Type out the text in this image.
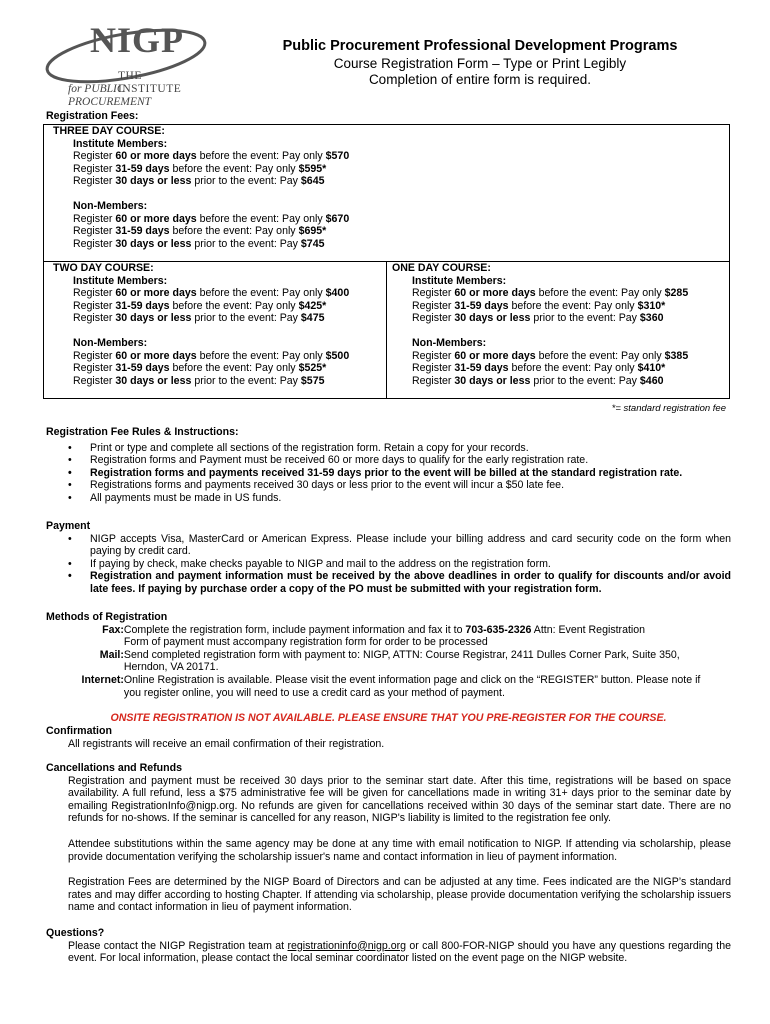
NIGP
THE INSTITUTE
for PUBLIC PROCUREMENT
Public Procurement Professional Development Programs
Course Registration Form – Type or Print Legibly
Completion of entire form is required.
Registration Fees:
THREE DAY COURSE:
Institute Members:
Register 60 or more days before the event: Pay only $570
Register 31-59 days before the event: Pay only $595*
Register 30 days or less prior to the event: Pay $645
Non-Members:
Register 60 or more days before the event: Pay only $670
Register 31-59 days before the event: Pay only $695*
Register 30 days or less prior to the event: Pay $745
TWO DAY COURSE:
Institute Members:
Register 60 or more days before the event: Pay only $400
Register 31-59 days before the event: Pay only $425*
Register 30 days or less prior to the event: Pay $475
Non-Members:
Register 60 or more days before the event: Pay only $500
Register 31-59 days before the event: Pay only $525*
Register 30 days or less prior to the event: Pay $575
ONE DAY COURSE:
Institute Members:
Register 60 or more days before the event: Pay only $285
Register 31-59 days before the event: Pay only $310*
Register 30 days or less prior to the event: Pay $360
Non-Members:
Register 60 or more days before the event: Pay only $385
Register 31-59 days before the event: Pay only $410*
Register 30 days or less prior to the event: Pay $460
*= standard registration fee
Registration Fee Rules & Instructions:
• Print or type and complete all sections of the registration form. Retain a copy for your records.
• Registration forms and Payment must be received 60 or more days to qualify for the early registration rate.
• Registration forms and payments received 31-59 days prior to the event will be billed at the standard registration rate.
• Registrations forms and payments received 30 days or less prior to the event will incur a $50 late fee.
• All payments must be made in US funds.
Payment
• NIGP accepts Visa, MasterCard or American Express. Please include your billing address and card security code on the form when paying by credit card.
• If paying by check, make checks payable to NIGP and mail to the address on the registration form.
• Registration and payment information must be received by the above deadlines in order to qualify for discounts and/or avoid late fees. If paying by purchase order a copy of the PO must be submitted with your registration form.
Methods of Registration
Fax: Complete the registration form, include payment information and fax it to 703-635-2326 Attn: Event Registration
Form of payment must accompany registration form for order to be processed
Mail: Send completed registration form with payment to: NIGP, ATTN: Course Registrar, 2411 Dulles Corner Park, Suite 350,
Herndon, VA 20171.
Internet: Online Registration is available. Please visit the event information page and click on the “REGISTER” button. Please note if
you register online, you will need to use a credit card as your method of payment.
ONSITE REGISTRATION IS NOT AVAILABLE. PLEASE ENSURE THAT YOU PRE-REGISTER FOR THE COURSE.
Confirmation
All registrants will receive an email confirmation of their registration.
Cancellations and Refunds
Registration and payment must be received 30 days prior to the seminar start date. After this time, registrations will be based on space availability. A full refund, less a $75 administrative fee will be given for cancellations made in writing 31+ days prior to the seminar date by emailing RegistrationInfo@nigp.org. No refunds are given for cancellations received within 30 days of the seminar start date. There are no refunds for no-shows. If the seminar is cancelled for any reason, NIGP's liability is limited to the registration fee only.
Attendee substitutions within the same agency may be done at any time with email notification to NIGP. If attending via scholarship, please provide documentation verifying the scholarship issuer's name and contact information in lieu of payment information.
Registration Fees are determined by the NIGP Board of Directors and can be adjusted at any time. Fees indicated are the NIGP’s standard rates and may differ according to hosting Chapter. If attending via scholarship, please provide documentation verifying the scholarship issuers name and contact information in lieu of payment information.
Questions?
Please contact the NIGP Registration team at registrationinfo@nigp.org or call 800-FOR-NIGP should you have any questions regarding the event. For local information, please contact the local seminar coordinator listed on the event page on the NIGP website.
